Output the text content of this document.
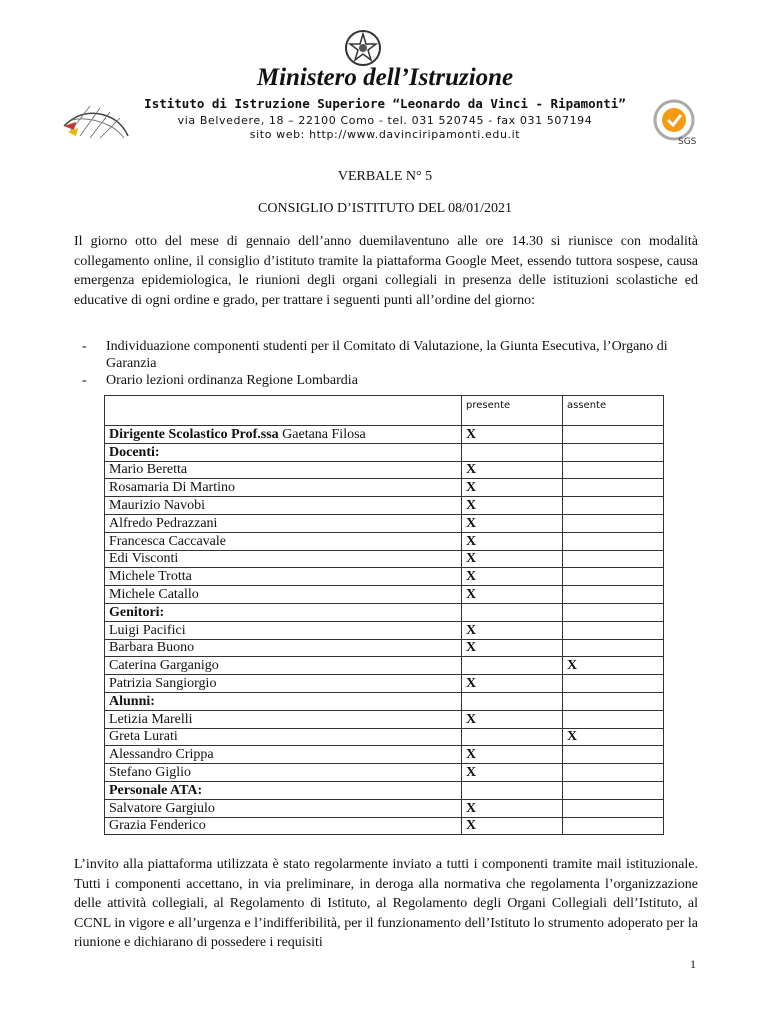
Ministero dell’Istruzione
Istituto di Istruzione Superiore “Leonardo da Vinci - Ripamonti”
via Belvedere, 18 – 22100 Como - tel. 031 520745 - fax 031 507194
sito web: http://www.davinciripamonti.edu.it
SGS
VERBALE N° 5
CONSIGLIO D’ISTITUTO DEL 08/01/2021

Il giorno otto del mese di gennaio dell’anno duemilaventuno alle ore 14.30 si riunisce con modalità collegamento online, il consiglio d’istituto tramite la piattaforma Google Meet, essendo tuttora sospese, causa emergenza epidemiologica, le riunioni degli organi collegiali in presenza delle istituzioni scolastiche ed educative di ogni ordine e grado, per trattare i seguenti punti all’ordine del giorno:

- Individuazione componenti studenti per il Comitato di Valutazione, la Giunta Esecutiva, l’Organo di Garanzia
- Orario lezioni ordinanza Regione Lombardia
	presente	assente
Dirigente Scolastico Prof.ssa Gaetana Filosa	X	
Docenti:		
Mario Beretta	X	
Rosamaria Di Martino	X	
Maurizio Navobi	X	
Alfredo Pedrazzani	X	
Francesca Caccavale	X	
Edi Visconti	X	
Michele Trotta	X	
Michele Catallo	X	
Genitori:		
Luigi Pacifici	X	
Barbara Buono	X	
Caterina Garganigo		X
Patrizia Sangiorgio	X	
Alunni:		
Letizia Marelli	X	
Greta Lurati		X
Alessandro Crippa	X	
Stefano Giglio	X	
Personale ATA:		
Salvatore Gargiulo	X	
Grazia Fenderico	X	

L’invito alla piattaforma utilizzata è stato regolarmente inviato a tutti i componenti tramite mail istituzionale. Tutti i componenti accettano, in via preliminare, in deroga alla normativa che regolamenta l’organizzazione delle attività collegiali, al Regolamento di Istituto, al Regolamento degli Organi Collegiali dell’Istituto, al CCNL in vigore e all’urgenza e l’indifferibilità, per il funzionamento dell’Istituto lo strumento adoperato per la riunione e dichiarano di possedere i requisiti

1
